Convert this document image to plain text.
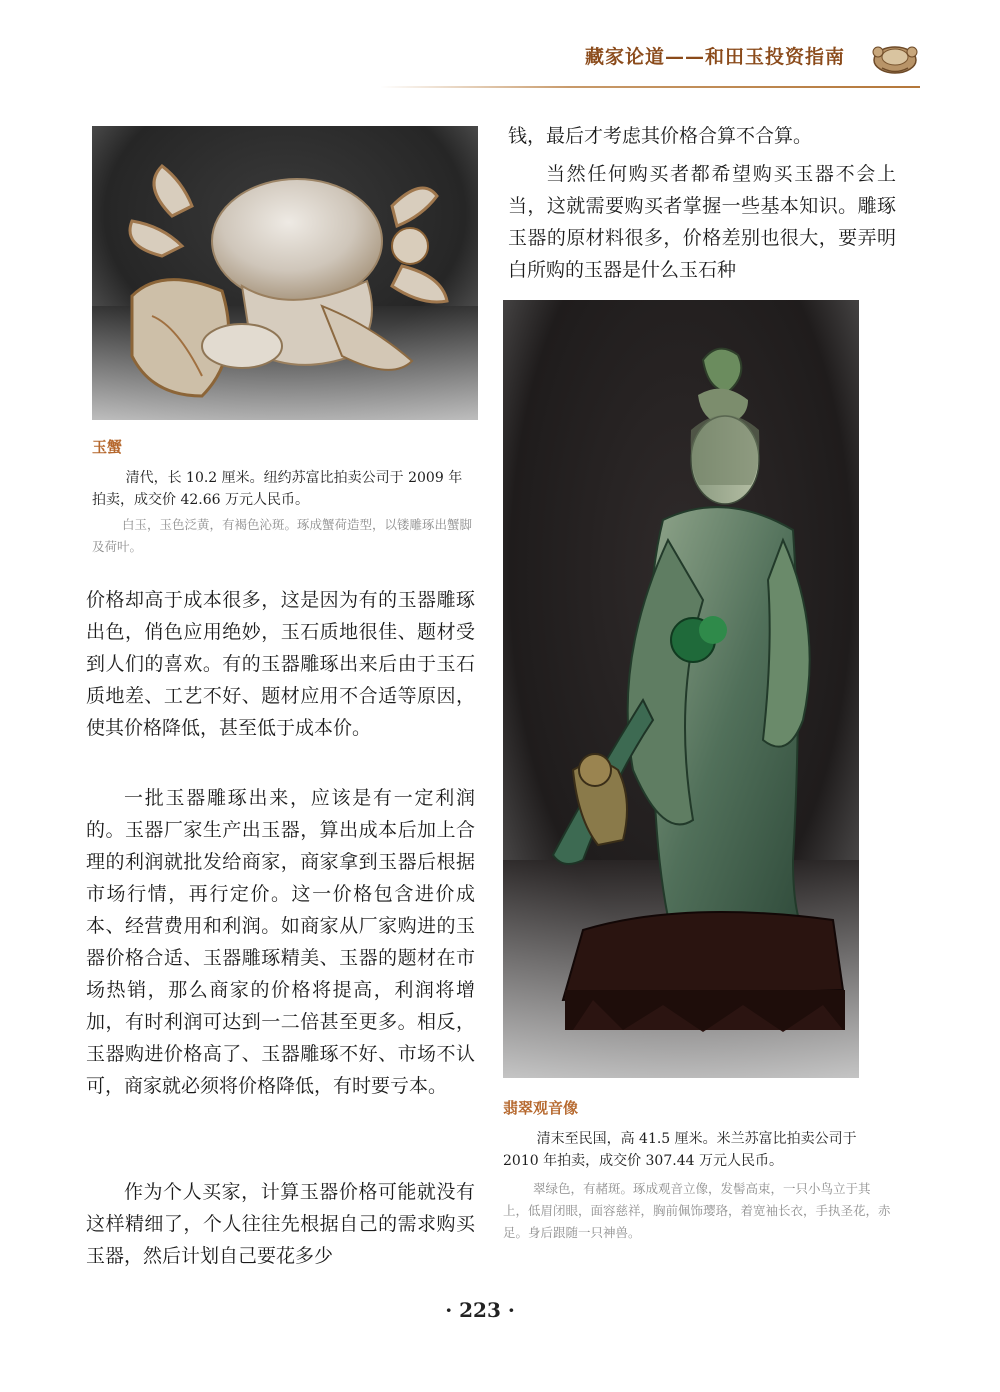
藏家论道——和田玉投资指南
玉蟹
清代，长 10.2 厘米。纽约苏富比拍卖公司于 2009 年拍卖，成交价 42.66 万元人民币。
白玉，玉色泛黄，有褐色沁斑。琢成蟹荷造型，以镂雕琢出蟹脚及荷叶。
翡翠观音像
清末至民国，高 41.5 厘米。米兰苏富比拍卖公司于 2010 年拍卖，成交价 307.44 万元人民币。
翠绿色，有赭斑。琢成观音立像，发髻高束，一只小鸟立于其上，低眉闭眼，面容慈祥，胸前佩饰璎珞，着宽袖长衣，手执圣花，赤足。身后跟随一只神兽。

钱，最后才考虑其价格合算不合算。

当然任何购买者都希望购买玉器不会上当，这就需要购买者掌握一些基本知识。雕琢玉器的原材料很多，价格差别也很大，要弄明白所购的玉器是什么玉石种

价格却高于成本很多，这是因为有的玉器雕琢出色，俏色应用绝妙，玉石质地很佳、题材受到人们的喜欢。有的玉器雕琢出来后由于玉石质地差、工艺不好、题材应用不合适等原因，使其价格降低，甚至低于成本价。

一批玉器雕琢出来，应该是有一定利润的。玉器厂家生产出玉器，算出成本后加上合理的利润就批发给商家，商家拿到玉器后根据市场行情，再行定价。这一价格包含进价成本、经营费用和利润。如商家从厂家购进的玉器价格合适、玉器雕琢精美、玉器的题材在市场热销，那么商家的价格将提高，利润将增加，有时利润可达到一二倍甚至更多。相反，玉器购进价格高了、玉器雕琢不好、市场不认可，商家就必须将价格降低，有时要亏本。

作为个人买家，计算玉器价格可能就没有这样精细了，个人往往先根据自己的需求购买玉器，然后计划自己要花多少

· 223 ·
